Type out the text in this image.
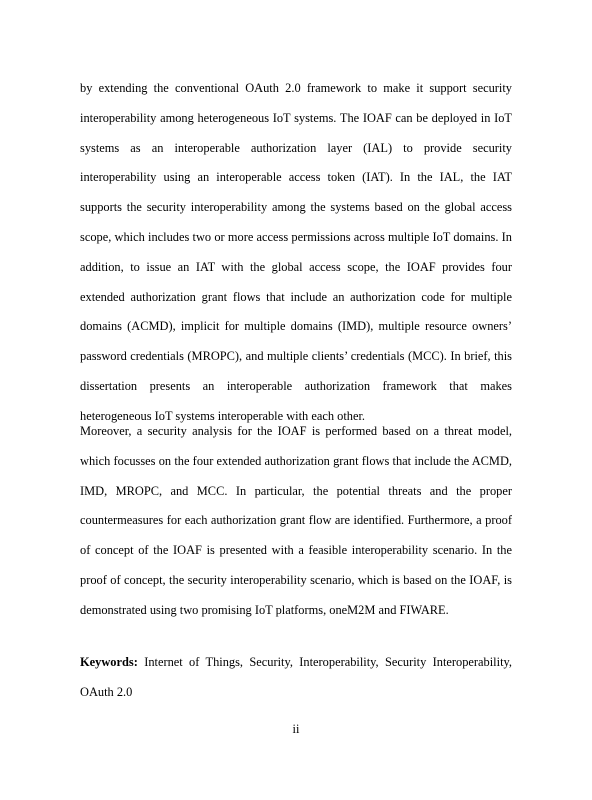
by extending the conventional OAuth 2.0 framework to make it support security
interoperability among heterogeneous IoT systems. The IOAF can be deployed in IoT
systems as an interoperable authorization layer (IAL) to provide security
interoperability using an interoperable access token (IAT). In the IAL, the IAT
supports the security interoperability among the systems based on the global access
scope, which includes two or more access permissions across multiple IoT domains. In
addition, to issue an IAT with the global access scope, the IOAF provides four
extended authorization grant flows that include an authorization code for multiple
domains (ACMD), implicit for multiple domains (IMD), multiple resource owners’
password credentials (MROPC), and multiple clients’ credentials (MCC). In brief, this
dissertation presents an interoperable authorization framework that makes
heterogeneous IoT systems interoperable with each other.
Moreover, a security analysis for the IOAF is performed based on a threat model,
which focusses on the four extended authorization grant flows that include the ACMD,
IMD, MROPC, and MCC. In particular, the potential threats and the proper
countermeasures for each authorization grant flow are identified. Furthermore, a proof
of concept of the IOAF is presented with a feasible interoperability scenario. In the
proof of concept, the security interoperability scenario, which is based on the IOAF, is
demonstrated using two promising IoT platforms, oneM2M and FIWARE.
Keywords: Internet of Things, Security, Interoperability, Security Interoperability,
OAuth 2.0
ii
